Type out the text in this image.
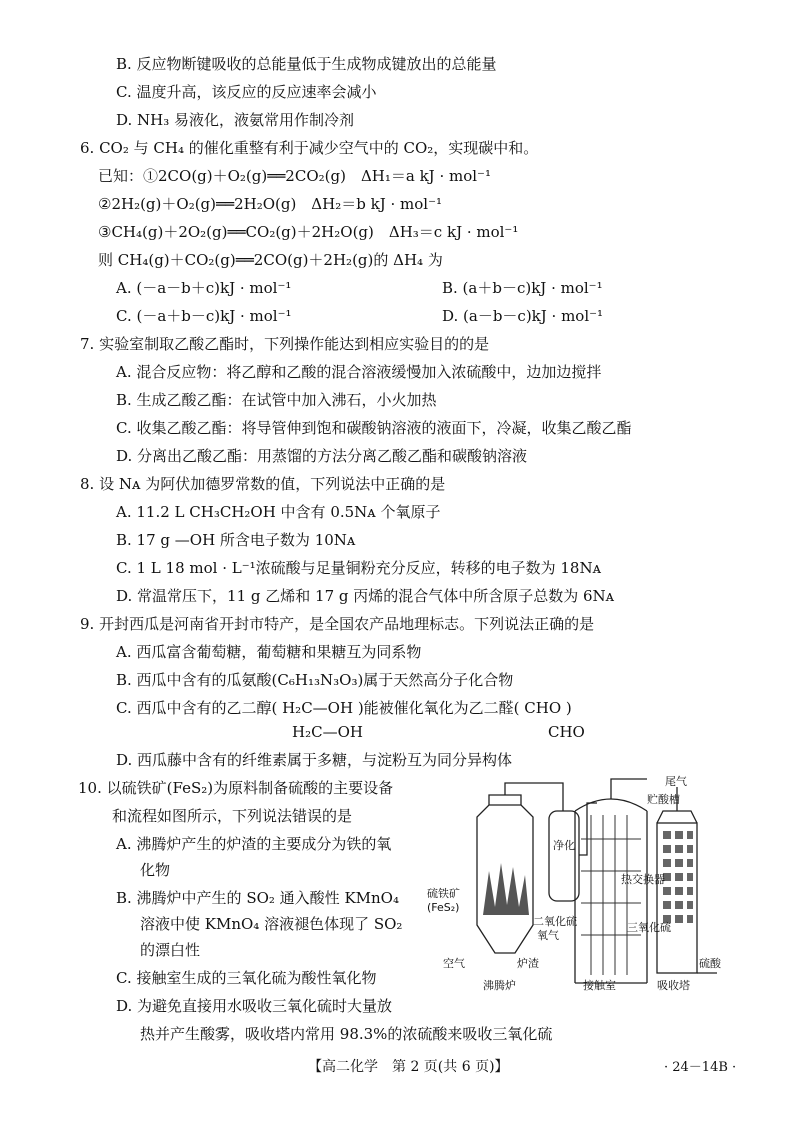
B. 反应物断键吸收的总能量低于生成物成键放出的总能量
C. 温度升高，该反应的反应速率会减小
D. NH₃ 易液化，液氨常用作制冷剂
6. CO₂ 与 CH₄ 的催化重整有利于减少空气中的 CO₂，实现碳中和。
已知：①2CO(g)＋O₂(g)══2CO₂(g)　ΔH₁＝a kJ · mol⁻¹
②2H₂(g)＋O₂(g)══2H₂O(g)　ΔH₂＝b kJ · mol⁻¹
③CH₄(g)＋2O₂(g)══CO₂(g)＋2H₂O(g)　ΔH₃＝c kJ · mol⁻¹
则 CH₄(g)＋CO₂(g)══2CO(g)＋2H₂(g)的 ΔH₄ 为
A. (－a－b＋c)kJ · mol⁻¹	B. (a＋b－c)kJ · mol⁻¹
C. (－a＋b－c)kJ · mol⁻¹	D. (a－b－c)kJ · mol⁻¹
7. 实验室制取乙酸乙酯时，下列操作能达到相应实验目的的是
A. 混合反应物：将乙醇和乙酸的混合溶液缓慢加入浓硫酸中，边加边搅拌
B. 生成乙酸乙酯：在试管中加入沸石，小火加热
C. 收集乙酸乙酯：将导管伸到饱和碳酸钠溶液的液面下，冷凝，收集乙酸乙酯
D. 分离出乙酸乙酯：用蒸馏的方法分离乙酸乙酯和碳酸钠溶液
8. 设 Nᴀ 为阿伏加德罗常数的值，下列说法中正确的是
A. 11.2 L CH₃CH₂OH 中含有 0.5Nᴀ 个氧原子
B. 17 g —OH 所含电子数为 10Nᴀ
C. 1 L 18 mol · L⁻¹浓硫酸与足量铜粉充分反应，转移的电子数为 18Nᴀ
D. 常温常压下，11 g 乙烯和 17 g 丙烯的混合气体中所含原子总数为 6Nᴀ
9. 开封西瓜是河南省开封市特产，是全国农产品地理标志。下列说法正确的是
A. 西瓜富含葡萄糖，葡萄糖和果糖互为同系物
B. 西瓜中含有的瓜氨酸(C₆H₁₃N₃O₃)属于天然高分子化合物
C. 西瓜中含有的乙二醇( H₂C—OH )能被催化氧化为乙二醛( CHO )
H₂C—OH	CHO
D. 西瓜藤中含有的纤维素属于多糖，与淀粉互为同分异构体
10. 以硫铁矿(FeS₂)为原料制备硫酸的主要设备
和流程如图所示，下列说法错误的是
A. 沸腾炉产生的炉渣的主要成分为铁的氧
化物
B. 沸腾炉中产生的 SO₂ 通入酸性 KMnO₄
溶液中使 KMnO₄ 溶液褪色体现了 SO₂
的漂白性
C. 接触室生成的三氧化硫为酸性氧化物
D. 为避免直接用水吸收三氧化硫时大量放
热并产生酸雾，吸收塔内常用 98.3%的浓硫酸来吸收三氧化硫
尾气
贮酸槽
净化
热交换器
硫铁矿
(FeS₂)
二氧化硫
氧气
三氧化硫
空气	炉渣	硫酸
沸腾炉	接触室	吸收塔
【高二化学　第 2 页(共 6 页)】	· 24－14B ·
